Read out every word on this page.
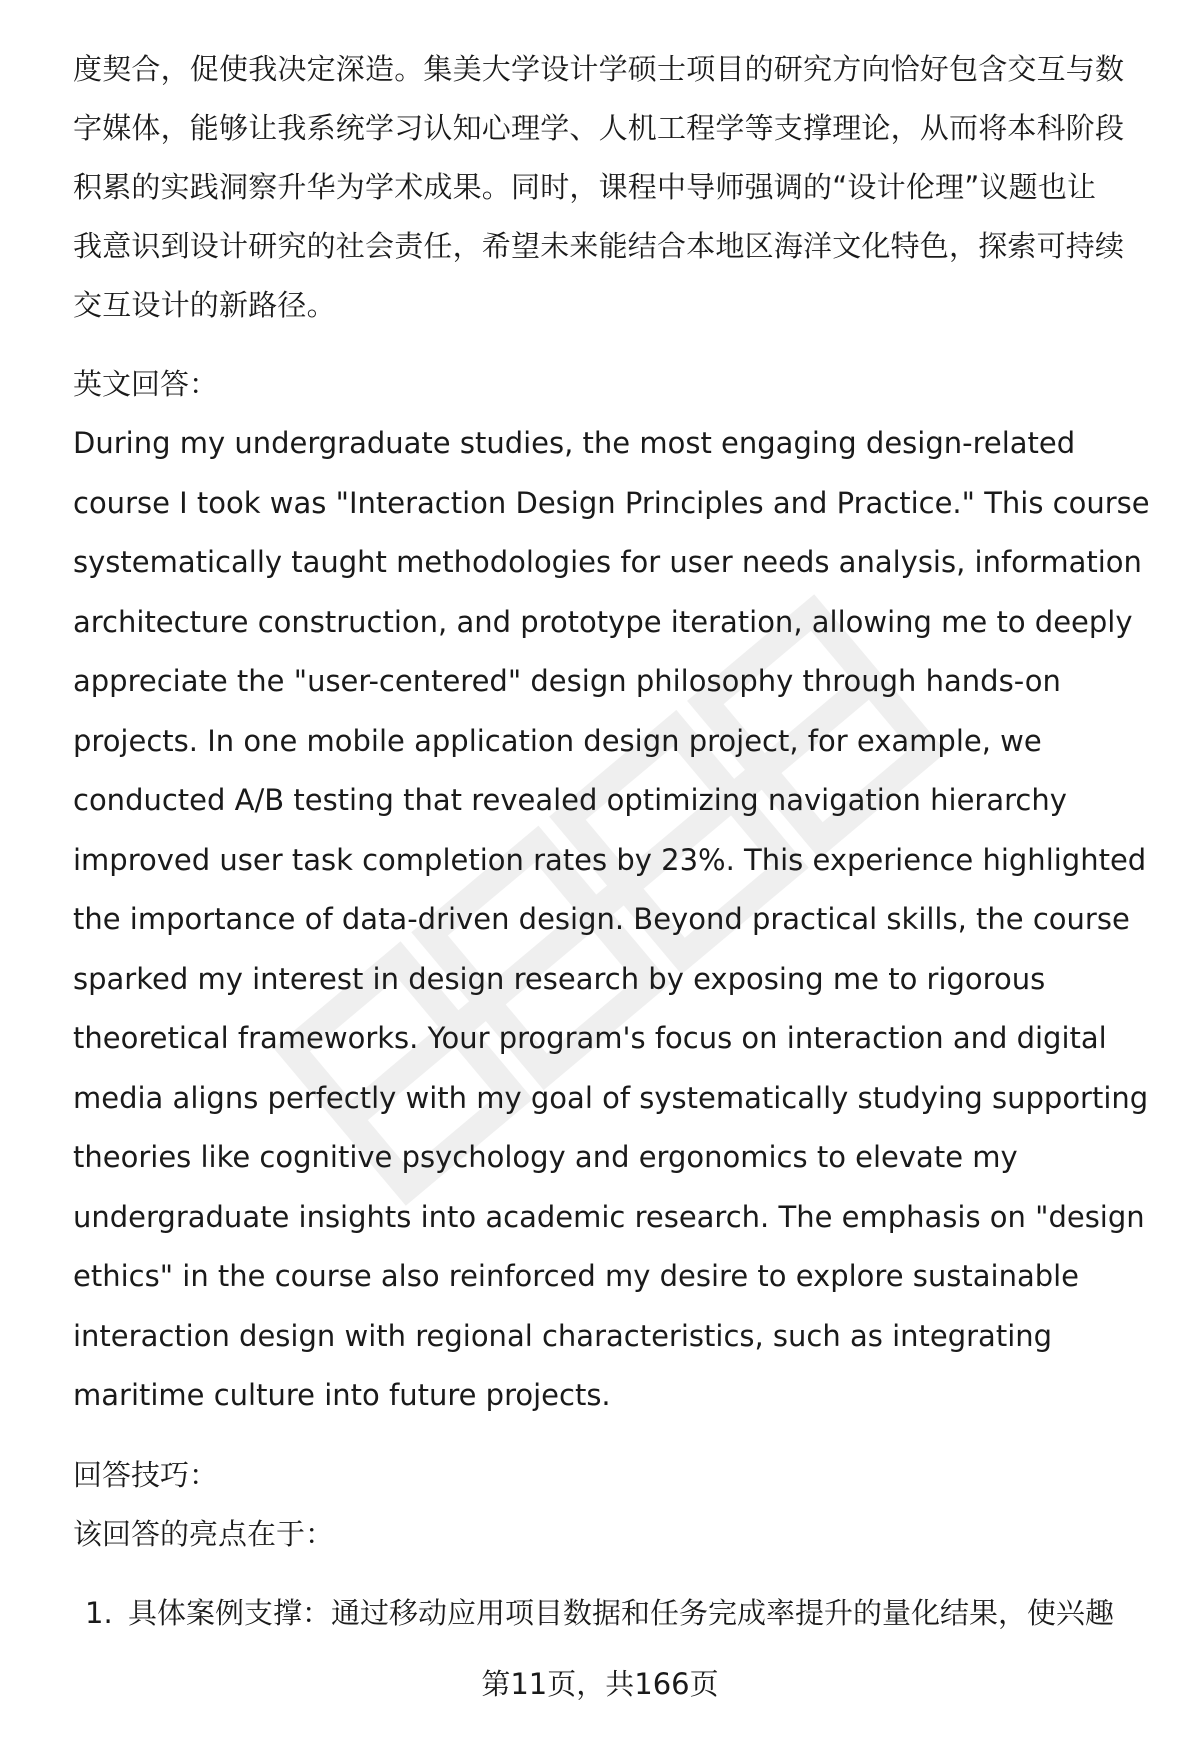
度契合，促使我决定深造。集美大学设计学硕士项目的研究方向恰好包含交互与数
字媒体，能够让我系统学习认知心理学、人机工程学等支撑理论，从而将本科阶段
积累的实践洞察升华为学术成果。同时，课程中导师强调的“设计伦理”议题也让
我意识到设计研究的社会责任，希望未来能结合本地区海洋文化特色，探索可持续
交互设计的新路径。
英文回答：
During my undergraduate studies, the most engaging design-related
course I took was "Interaction Design Principles and Practice." This course
systematically taught methodologies for user needs analysis, information
architecture construction, and prototype iteration, allowing me to deeply
appreciate the "user-centered" design philosophy through hands-on
projects. In one mobile application design project, for example, we
conducted A/B testing that revealed optimizing navigation hierarchy
improved user task completion rates by 23%. This experience highlighted
the importance of data-driven design. Beyond practical skills, the course
sparked my interest in design research by exposing me to rigorous
theoretical frameworks. Your program's focus on interaction and digital
media aligns perfectly with my goal of systematically studying supporting
theories like cognitive psychology and ergonomics to elevate my
undergraduate insights into academic research. The emphasis on "design
ethics" in the course also reinforced my desire to explore sustainable
interaction design with regional characteristics, such as integrating
maritime culture into future projects.
回答技巧：
该回答的亮点在于：
1. 具体案例支撑：通过移动应用项目数据和任务完成率提升的量化结果，使兴趣
第11页，共166页
